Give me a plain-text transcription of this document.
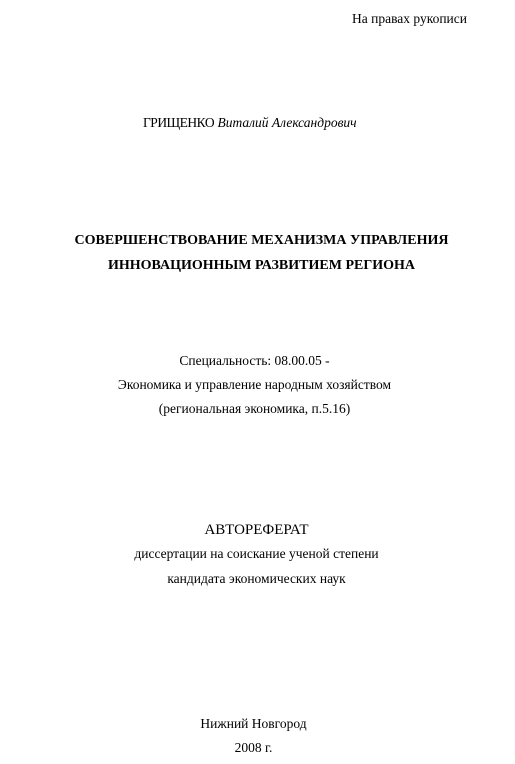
На правах рукописи
ГРИЩЕНКО Виталий Александрович
СОВЕРШЕНСТВОВАНИЕ МЕХАНИЗМА УПРАВЛЕНИЯ
ИННОВАЦИОННЫМ РАЗВИТИЕМ РЕГИОНА
Специальность: 08.00.05 -
Экономика и управление народным хозяйством
(региональная экономика, п.5.16)
АВТОРЕФЕРАТ
диссертации на соискание ученой степени
кандидата экономических наук
Нижний Новгород
2008 г.
